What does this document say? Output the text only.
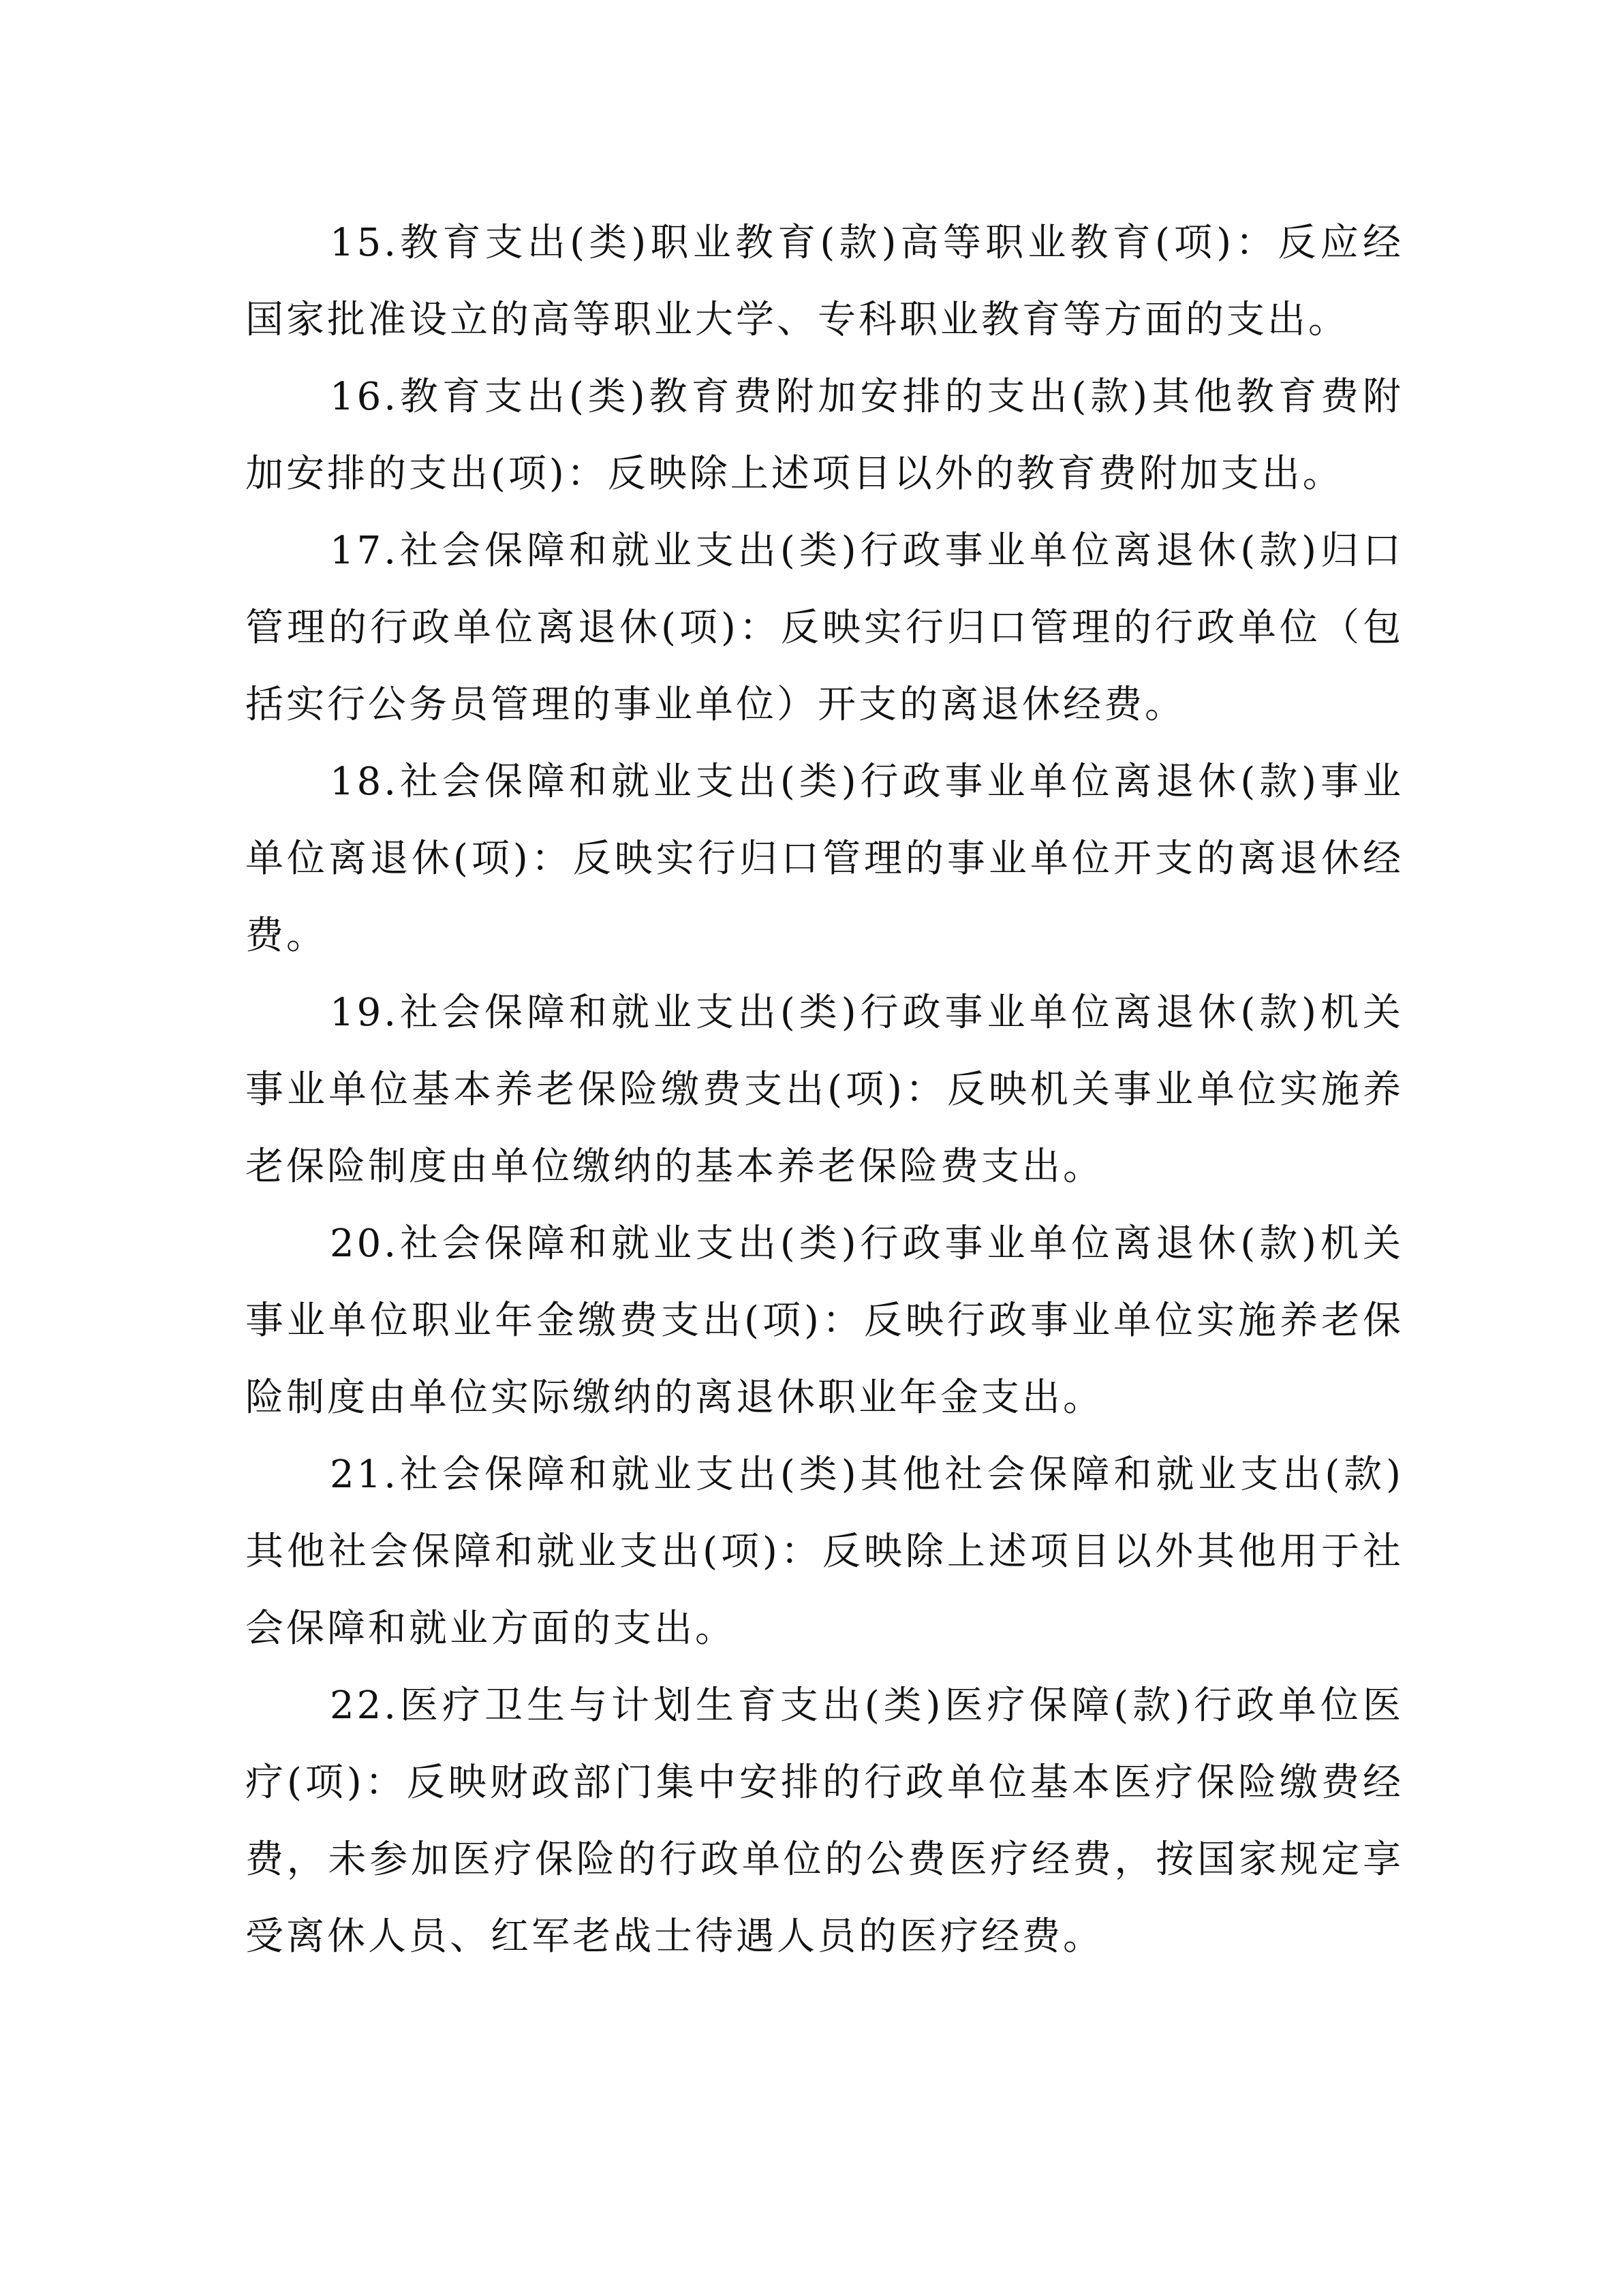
15.教育支出(类)职业教育(款)高等职业教育(项)：反应经国家批准设立的高等职业大学、专科职业教育等方面的支出。

16.教育支出(类)教育费附加安排的支出(款)其他教育费附加安排的支出(项)：反映除上述项目以外的教育费附加支出。

17.社会保障和就业支出(类)行政事业单位离退休(款)归口管理的行政单位离退休(项)：反映实行归口管理的行政单位（包括实行公务员管理的事业单位）开支的离退休经费。

18.社会保障和就业支出(类)行政事业单位离退休(款)事业单位离退休(项)：反映实行归口管理的事业单位开支的离退休经费。

19.社会保障和就业支出(类)行政事业单位离退休(款)机关事业单位基本养老保险缴费支出(项)：反映机关事业单位实施养老保险制度由单位缴纳的基本养老保险费支出。

20.社会保障和就业支出(类)行政事业单位离退休(款)机关事业单位职业年金缴费支出(项)：反映行政事业单位实施养老保险制度由单位实际缴纳的离退休职业年金支出。

21.社会保障和就业支出(类)其他社会保障和就业支出(款)其他社会保障和就业支出(项)：反映除上述项目以外其他用于社会保障和就业方面的支出。

22.医疗卫生与计划生育支出(类)医疗保障(款)行政单位医疗(项)：反映财政部门集中安排的行政单位基本医疗保险缴费经费，未参加医疗保险的行政单位的公费医疗经费，按国家规定享受离休人员、红军老战士待遇人员的医疗经费。
